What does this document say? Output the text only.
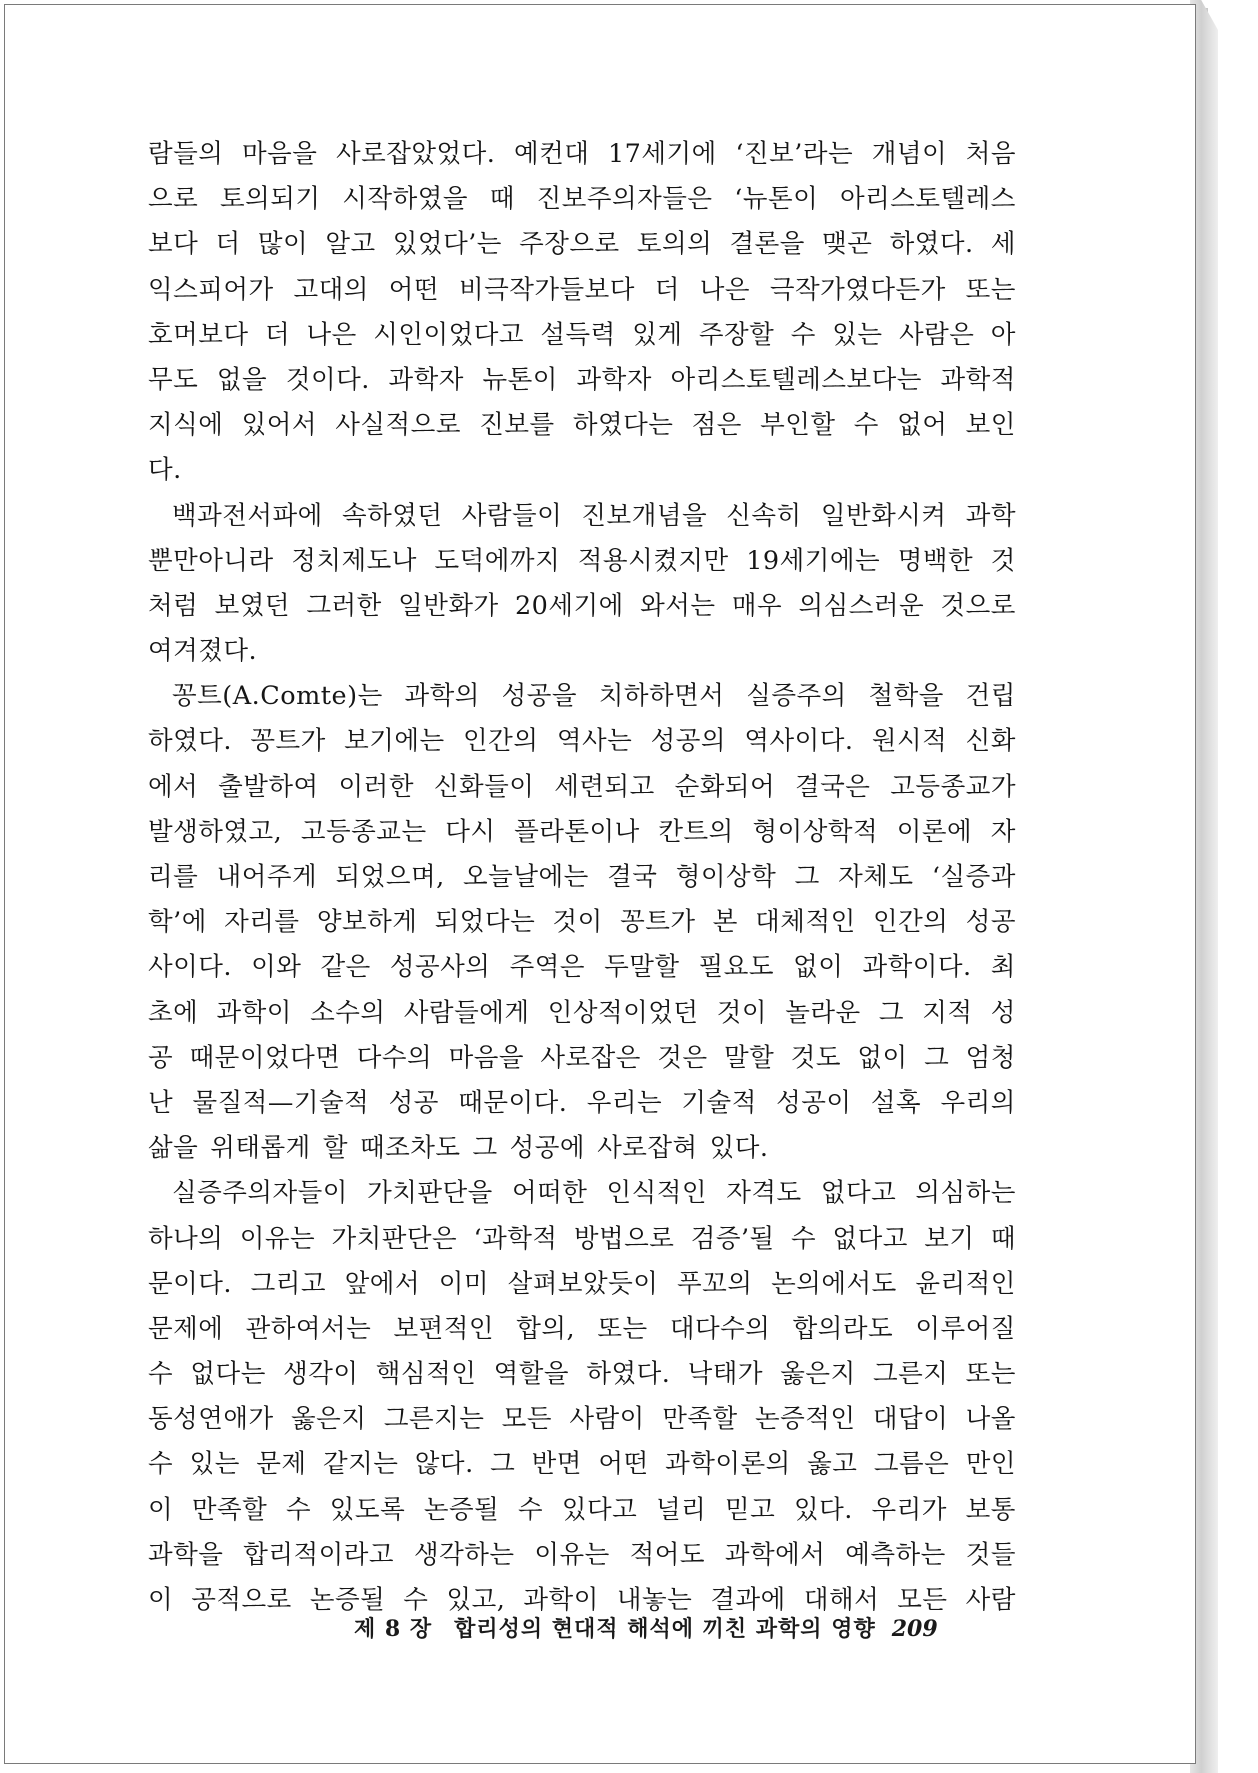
람들의 마음을 사로잡았었다. 예컨대 17세기에 ‘진보’라는 개념이 처음
으로 토의되기 시작하였을 때 진보주의자들은 ‘뉴톤이 아리스토텔레스
보다 더 많이 알고 있었다’는 주장으로 토의의 결론을 맺곤 하였다. 세
익스피어가 고대의 어떤 비극작가들보다 더 나은 극작가였다든가 또는
호머보다 더 나은 시인이었다고 설득력 있게 주장할 수 있는 사람은 아
무도 없을 것이다. 과학자 뉴톤이 과학자 아리스토텔레스보다는 과학적
지식에 있어서 사실적으로 진보를 하였다는 점은 부인할 수 없어 보인
다.
백과전서파에 속하였던 사람들이 진보개념을 신속히 일반화시켜 과학
뿐만아니라 정치제도나 도덕에까지 적용시켰지만 19세기에는 명백한 것
처럼 보였던 그러한 일반화가 20세기에 와서는 매우 의심스러운 것으로
여겨졌다.
꽁트(A.Comte)는 과학의 성공을 치하하면서 실증주의 철학을 건립
하였다. 꽁트가 보기에는 인간의 역사는 성공의 역사이다. 원시적 신화
에서 출발하여 이러한 신화들이 세련되고 순화되어 결국은 고등종교가
발생하였고, 고등종교는 다시 플라톤이나 칸트의 형이상학적 이론에 자
리를 내어주게 되었으며, 오늘날에는 결국 형이상학 그 자체도 ‘실증과
학’에 자리를 양보하게 되었다는 것이 꽁트가 본 대체적인 인간의 성공
사이다. 이와 같은 성공사의 주역은 두말할 필요도 없이 과학이다. 최
초에 과학이 소수의 사람들에게 인상적이었던 것이 놀라운 그 지적 성
공 때문이었다면 다수의 마음을 사로잡은 것은 말할 것도 없이 그 엄청
난 물질적—기술적 성공 때문이다. 우리는 기술적 성공이 설혹 우리의
삶을 위태롭게 할 때조차도 그 성공에 사로잡혀 있다.
실증주의자들이 가치판단을 어떠한 인식적인 자격도 없다고 의심하는
하나의 이유는 가치판단은 ‘과학적 방법으로 검증’될 수 없다고 보기 때
문이다. 그리고 앞에서 이미 살펴보았듯이 푸꼬의 논의에서도 윤리적인
문제에 관하여서는 보편적인 합의, 또는 대다수의 합의라도 이루어질
수 없다는 생각이 핵심적인 역할을 하였다. 낙태가 옳은지 그른지 또는
동성연애가 옳은지 그른지는 모든 사람이 만족할 논증적인 대답이 나올
수 있는 문제 같지는 않다. 그 반면 어떤 과학이론의 옳고 그름은 만인
이 만족할 수 있도록 논증될 수 있다고 널리 믿고 있다. 우리가 보통
과학을 합리적이라고 생각하는 이유는 적어도 과학에서 예측하는 것들
이 공적으로 논증될 수 있고, 과학이 내놓는 결과에 대해서 모든 사람
제 8 장 합리성의 현대적 해석에 끼친 과학의 영향 209
